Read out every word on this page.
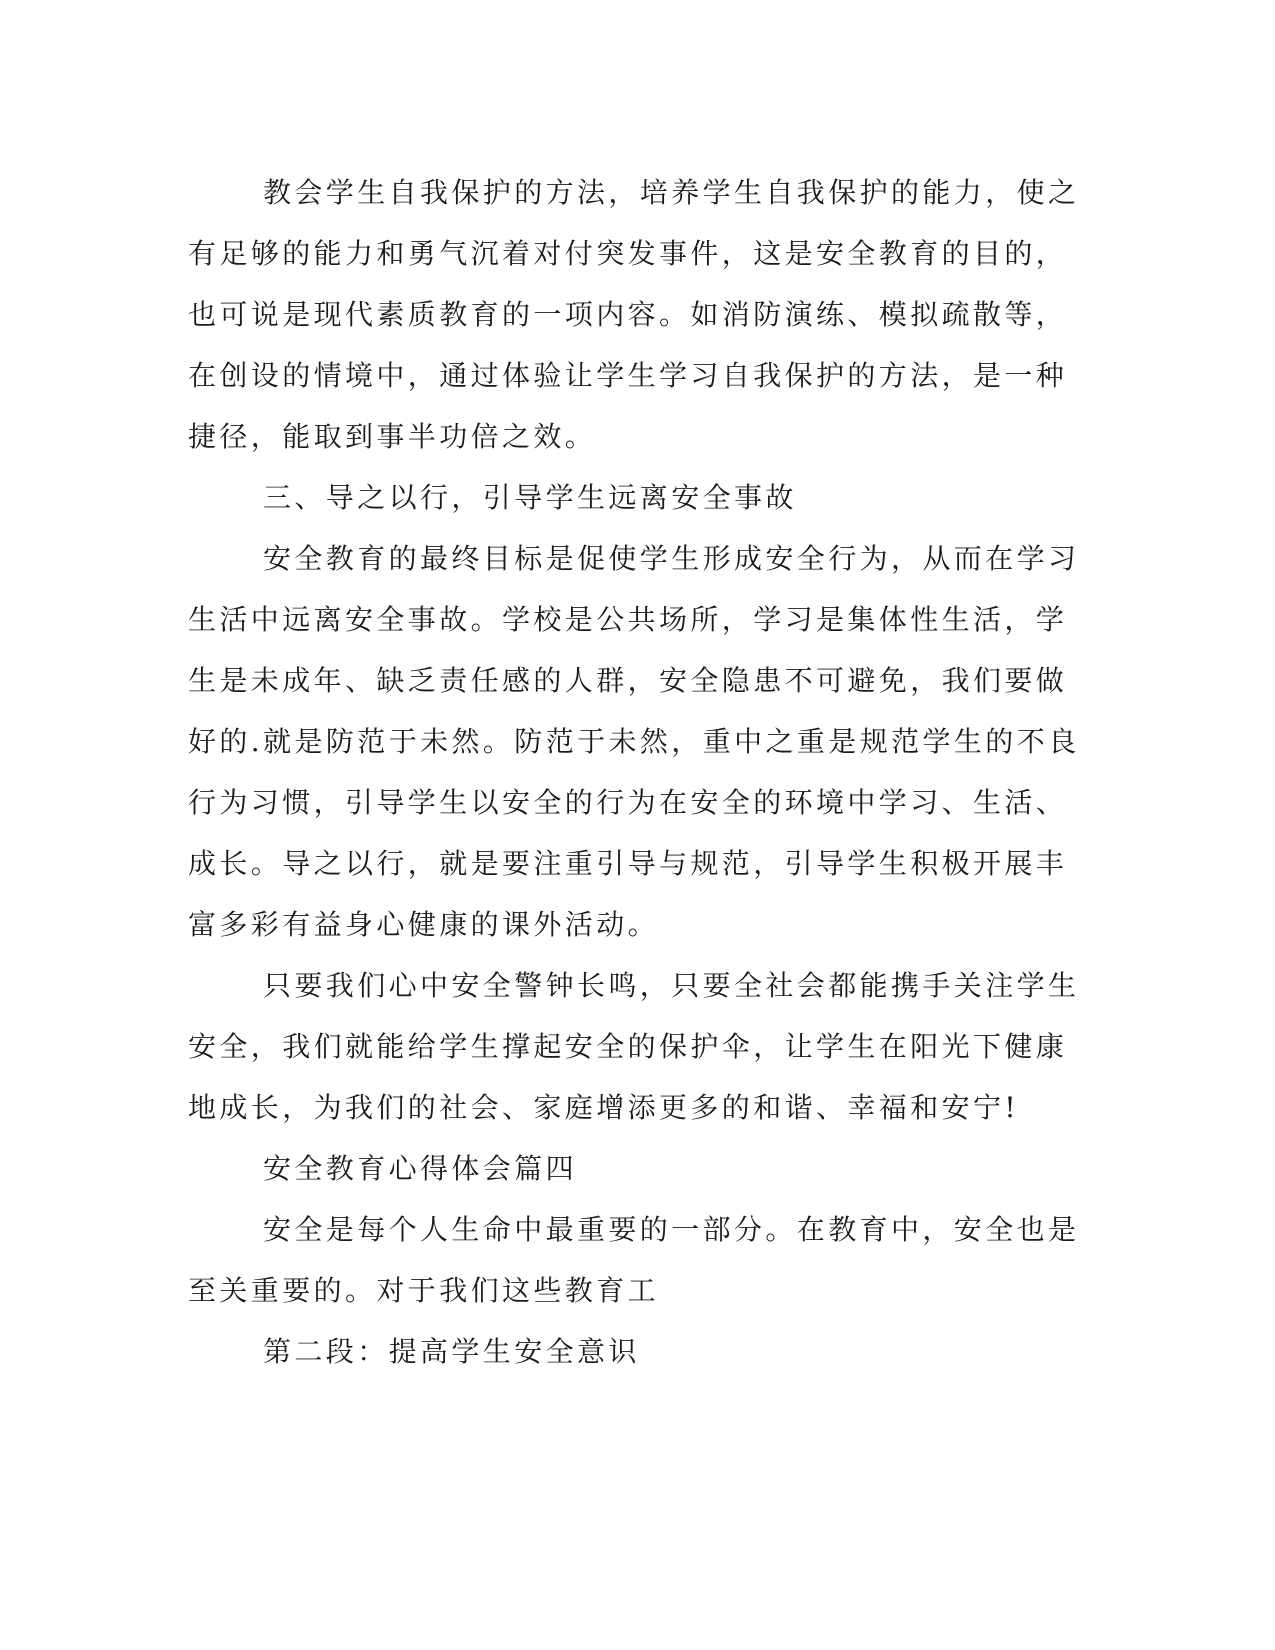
教会学生自我保护的方法，培养学生自我保护的能力，使之有足够的能力和勇气沉着对付突发事件，这是安全教育的目的，也可说是现代素质教育的一项内容。如消防演练、模拟疏散等，在创设的情境中，通过体验让学生学习自我保护的方法，是一种捷径，能取到事半功倍之效。

三、导之以行，引导学生远离安全事故

安全教育的最终目标是促使学生形成安全行为，从而在学习生活中远离安全事故。学校是公共场所，学习是集体性生活，学生是未成年、缺乏责任感的人群，安全隐患不可避免，我们要做好的.就是防范于未然。防范于未然，重中之重是规范学生的不良行为习惯，引导学生以安全的行为在安全的环境中学习、生活、成长。导之以行，就是要注重引导与规范，引导学生积极开展丰富多彩有益身心健康的课外活动。

只要我们心中安全警钟长鸣，只要全社会都能携手关注学生安全，我们就能给学生撑起安全的保护伞，让学生在阳光下健康地成长，为我们的社会、家庭增添更多的和谐、幸福和安宁!

安全教育心得体会篇四

安全是每个人生命中最重要的一部分。在教育中，安全也是至关重要的。对于我们这些教育工

第二段：提高学生安全意识
